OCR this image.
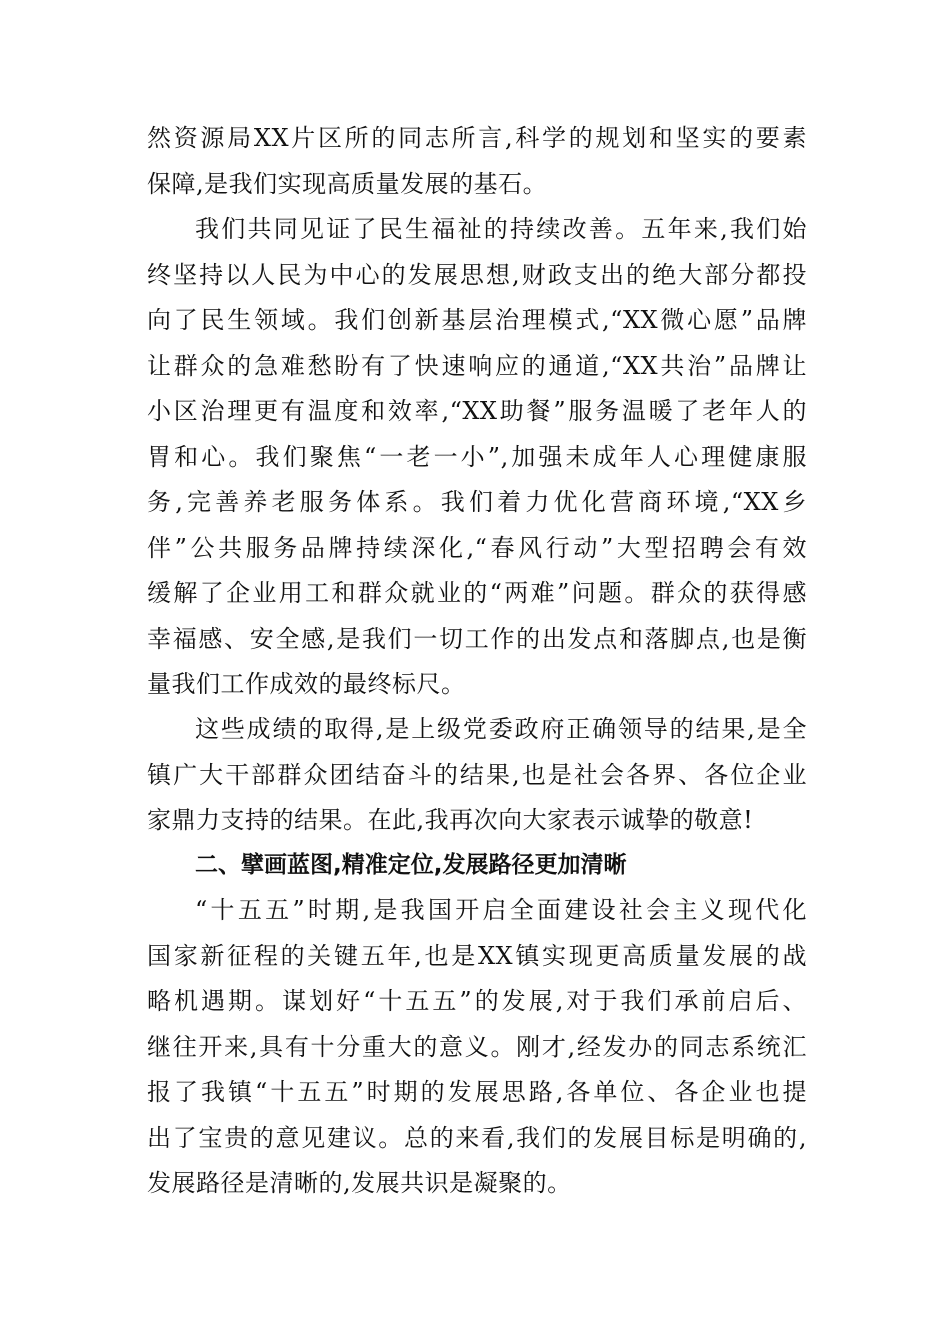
然资源局XX片区所的同志所言,科学的规划和坚实的要素
保障,是我们实现高质量发展的基石。
我们共同见证了民生福祉的持续改善。五年来,我们始
终坚持以人民为中心的发展思想,财政支出的绝大部分都投
向了民生领域。我们创新基层治理模式,“XX微心愿”品牌
让群众的急难愁盼有了快速响应的通道,“XX共治”品牌让
小区治理更有温度和效率,“XX助餐”服务温暖了老年人的
胃和心。我们聚焦“一老一小”,加强未成年人心理健康服
务,完善养老服务体系。我们着力优化营商环境,“XX乡
伴”公共服务品牌持续深化,“春风行动”大型招聘会有效
缓解了企业用工和群众就业的“两难”问题。群众的获得感
幸福感、安全感,是我们一切工作的出发点和落脚点,也是衡
量我们工作成效的最终标尺。
这些成绩的取得,是上级党委政府正确领导的结果,是全
镇广大干部群众团结奋斗的结果,也是社会各界、各位企业
家鼎力支持的结果。在此,我再次向大家表示诚挚的敬意!
二、擘画蓝图,精准定位,发展路径更加清晰
“十五五”时期,是我国开启全面建设社会主义现代化
国家新征程的关键五年,也是XX镇实现更高质量发展的战
略机遇期。谋划好“十五五”的发展,对于我们承前启后、
继往开来,具有十分重大的意义。刚才,经发办的同志系统汇
报了我镇“十五五”时期的发展思路,各单位、各企业也提
出了宝贵的意见建议。总的来看,我们的发展目标是明确的,
发展路径是清晰的,发展共识是凝聚的。
